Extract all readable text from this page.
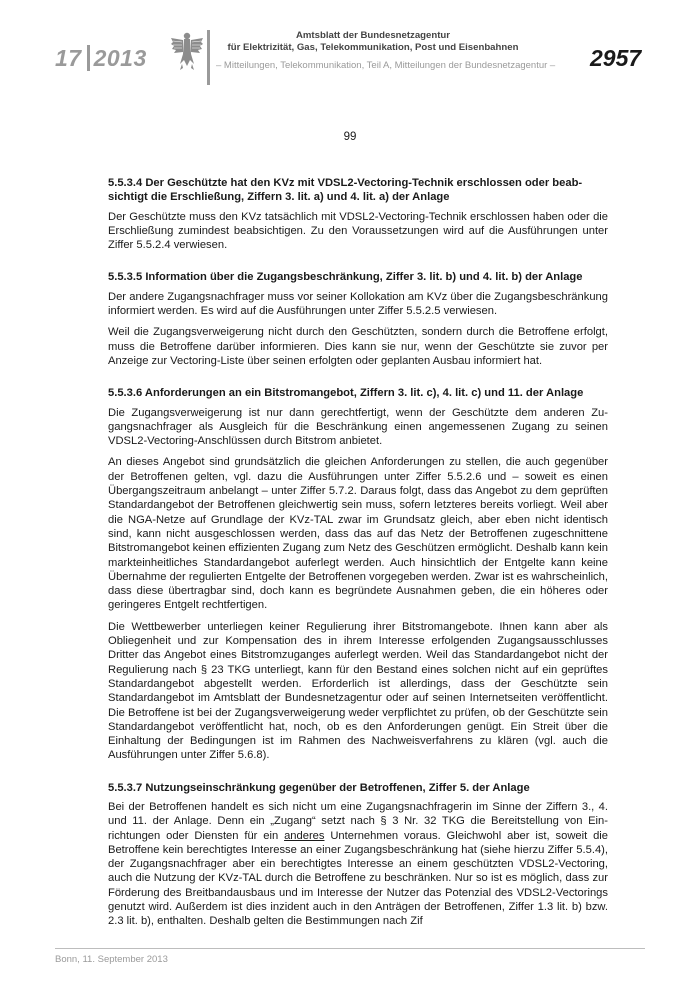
17 2013
Amtsblatt der Bundesnetzagentur
für Elektrizität, Gas, Telekommunikation, Post und Eisenbahnen
– Mitteilungen, Telekommunikation, Teil A, Mitteilungen der Bundesnetzagentur – 2957
99
5.5.3.4 Der Geschützte hat den KVz mit VDSL2-Vectoring-Technik erschlossen oder beabsichtigt die Erschließung, Ziffern 3. lit. a) und 4. lit. a) der Anlage

Der Geschützte muss den KVz tatsächlich mit VDSL2-Vectoring-Technik erschlossen haben oder die Erschließung zumindest beabsichtigen. Zu den Voraussetzungen wird auf die Ausführungen unter Ziffer 5.5.2.4 verwiesen.

5.5.3.5 Information über die Zugangsbeschränkung, Ziffer 3. lit. b) und 4. lit. b) der Anlage

Der andere Zugangsnachfrager muss vor seiner Kollokation am KVz über die Zugangsbeschränkung informiert werden. Es wird auf die Ausführungen unter Ziffer 5.5.2.5 verwiesen.

Weil die Zugangsverweigerung nicht durch den Geschützten, sondern durch die Betroffene erfolgt, muss die Betroffene darüber informieren. Dies kann sie nur, wenn der Geschützte sie zuvor per Anzeige zur Vectoring-Liste über seinen erfolgten oder geplanten Ausbau informiert hat.

5.5.3.6 Anforderungen an ein Bitstromangebot, Ziffern 3. lit. c), 4. lit. c) und 11. der Anlage

Die Zugangsverweigerung ist nur dann gerechtfertigt, wenn der Geschützte dem anderen Zugangsnachfrager als Ausgleich für die Beschränkung einen angemessenen Zugang zu seinen VDSL2-Vectoring-Anschlüssen durch Bitstrom anbietet.

An dieses Angebot sind grundsätzlich die gleichen Anforderungen zu stellen, die auch gegenüber der Betroffenen gelten, vgl. dazu die Ausführungen unter Ziffer 5.5.2.6 und – soweit es einen Übergangszeitraum anbelangt – unter Ziffer 5.7.2. Daraus folgt, dass das Angebot zu dem geprüften Standardangebot der Betroffenen gleichwertig sein muss, sofern letzteres bereits vorliegt. Weil aber die NGA-Netze auf Grundlage der KVz-TAL zwar im Grundsatz gleich, aber eben nicht identisch sind, kann nicht ausgeschlossen werden, dass das auf das Netz der Betroffenen zugeschnittene Bitstromangebot keinen effizienten Zugang zum Netz des Geschützen ermöglicht. Deshalb kann kein markteinheitliches Standardangebot auferlegt werden. Auch hinsichtlich der Entgelte kann keine Übernahme der regulierten Entgelte der Betroffenen vorgegeben werden. Zwar ist es wahrscheinlich, dass diese übertragbar sind, doch kann es begründete Ausnahmen geben, die ein höheres oder geringeres Entgelt rechtfertigen.

Die Wettbewerber unterliegen keiner Regulierung ihrer Bitstromangebote. Ihnen kann aber als Obliegenheit und zur Kompensation des in ihrem Interesse erfolgenden Zugangsausschlusses Dritter das Angebot eines Bitstromzuganges auferlegt werden. Weil das Standardangebot nicht der Regulierung nach § 23 TKG unterliegt, kann für den Bestand eines solchen nicht auf ein geprüftes Standardangebot abgestellt werden. Erforderlich ist allerdings, dass der Geschützte sein Standardangebot im Amtsblatt der Bundesnetzagentur oder auf seinen Internetseiten veröffentlicht. Die Betroffene ist bei der Zugangsverweigerung weder verpflichtet zu prüfen, ob der Geschützte sein Standardangebot veröffentlicht hat, noch, ob es den Anforderungen genügt. Ein Streit über die Einhaltung der Bedingungen ist im Rahmen des Nachweisverfahrens zu klären (vgl. auch die Ausführungen unter Ziffer 5.6.8).

5.5.3.7 Nutzungseinschränkung gegenüber der Betroffenen, Ziffer 5. der Anlage

Bei der Betroffenen handelt es sich nicht um eine Zugangsnachfragerin im Sinne der Ziffern 3., 4. und 11. der Anlage. Denn ein „Zugang“ setzt nach § 3 Nr. 32 TKG die Bereitstellung von Einrichtungen oder Diensten für ein anderes Unternehmen voraus. Gleichwohl aber ist, soweit die Betroffene kein berechtigtes Interesse an einer Zugangsbeschränkung hat (siehe hierzu Ziffer 5.5.4), der Zugangsnachfrager aber ein berechtigtes Interesse an einem geschützten VDSL2-Vectoring, auch die Nutzung der KVz-TAL durch die Betroffene zu beschränken. Nur so ist es möglich, dass zur Förderung des Breitbandausbaus und im Interesse der Nutzer das Potenzial des VDSL2-Vectorings genutzt wird. Außerdem ist dies inzident auch in den Anträgen der Betroffenen, Ziffer 1.3 lit. b) bzw. 2.3 lit. b), enthalten. Deshalb gelten die Bestimmungen nach Zif

Bonn, 11. September 2013
